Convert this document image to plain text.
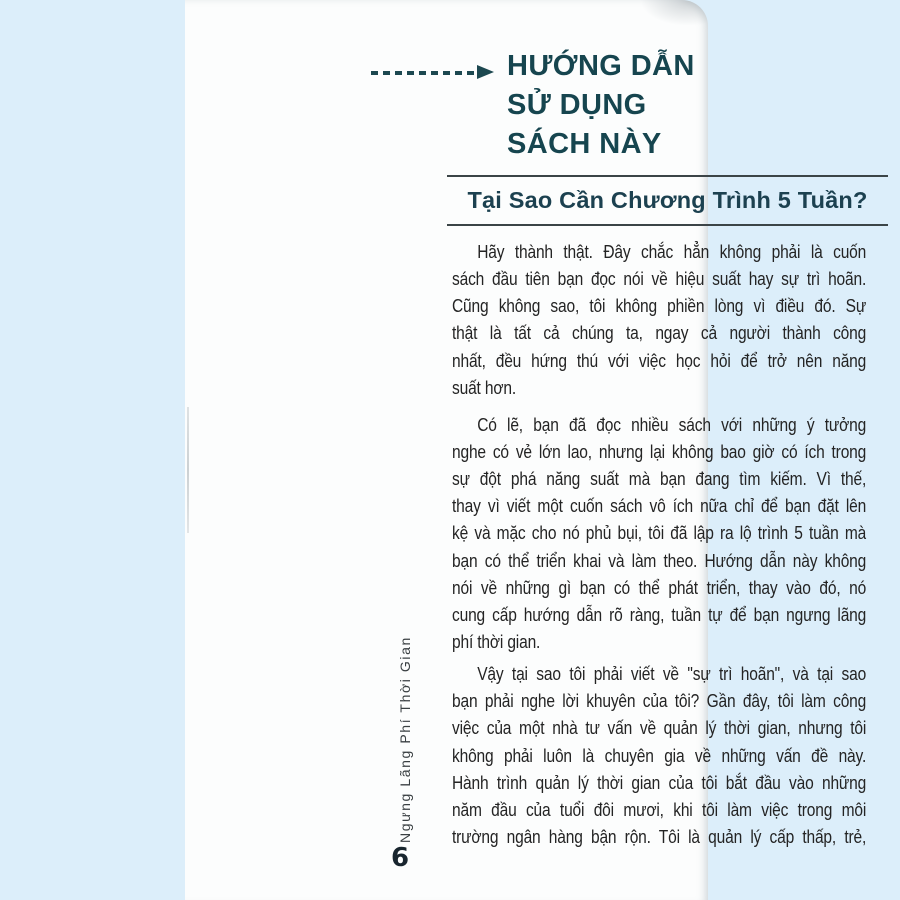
HƯỚNG DẪN SỬ DỤNG
SÁCH NÀY
Tại Sao Cần Chương Trình 5 Tuần?
Hãy thành thật. Đây chắc hẳn không phải là cuốn
sách đầu tiên bạn đọc nói về hiệu suất hay sự trì hoãn.
Cũng không sao, tôi không phiền lòng vì điều đó. Sự
thật là tất cả chúng ta, ngay cả người thành công
nhất, đều hứng thú với việc học hỏi để trở nên năng
suất hơn.
Có lẽ, bạn đã đọc nhiều sách với những ý tưởng
nghe có vẻ lớn lao, nhưng lại không bao giờ có ích trong
sự đột phá năng suất mà bạn đang tìm kiếm. Vì thế,
thay vì viết một cuốn sách vô ích nữa chỉ để bạn đặt lên
kệ và mặc cho nó phủ bụi, tôi đã lập ra lộ trình 5 tuần mà
bạn có thể triển khai và làm theo. Hướng dẫn này không
nói về những gì bạn có thể phát triển, thay vào đó, nó
cung cấp hướng dẫn rõ ràng, tuần tự để bạn ngưng lãng
phí thời gian.
Vậy tại sao tôi phải viết về "sự trì hoãn", và tại sao
bạn phải nghe lời khuyên của tôi? Gần đây, tôi làm công
việc của một nhà tư vấn về quản lý thời gian, nhưng tôi
không phải luôn là chuyên gia về những vấn đề này.
Hành trình quản lý thời gian của tôi bắt đầu vào những
năm đầu của tuổi đôi mươi, khi tôi làm việc trong môi
trường ngân hàng bận rộn. Tôi là quản lý cấp thấp, trẻ,
Ngưng Lãng Phí Thời Gian
6
